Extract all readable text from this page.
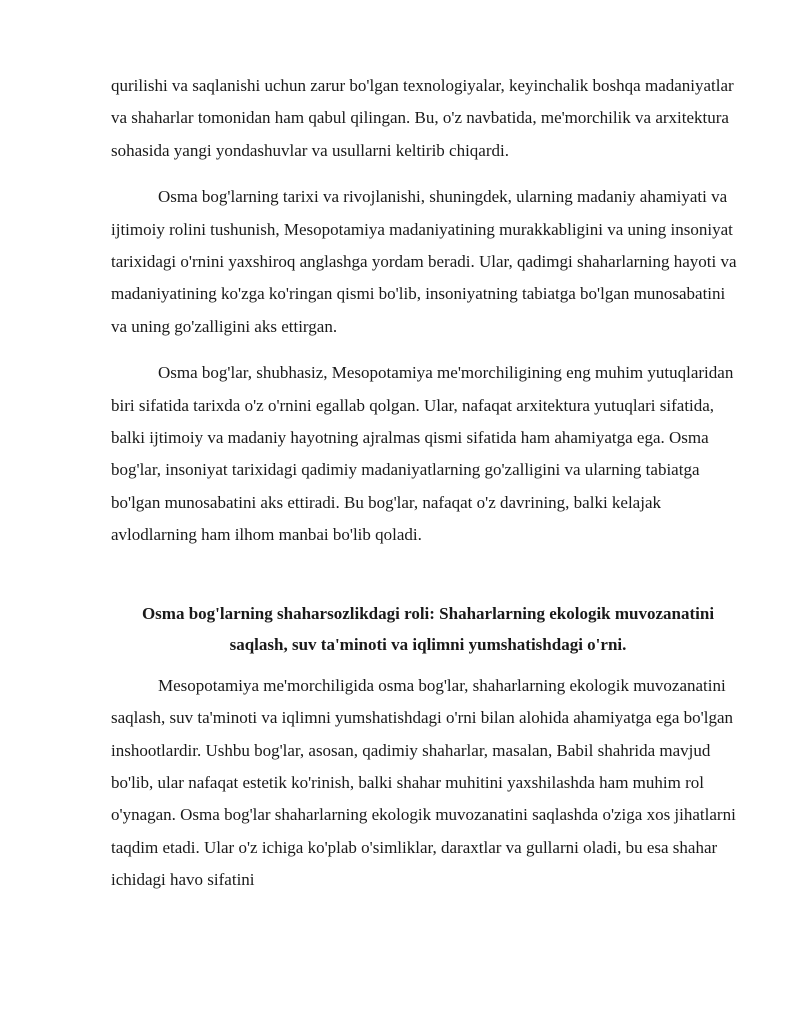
qurilishi va saqlanishi uchun zarur bo'lgan texnologiyalar, keyinchalik boshqa madaniyatlar va shaharlar tomonidan ham qabul qilingan. Bu, o'z navbatida, me'morchilik va arxitektura sohasida yangi yondashuvlar va usullarni keltirib chiqardi.

Osma bog'larning tarixi va rivojlanishi, shuningdek, ularning madaniy ahamiyati va ijtimoiy rolini tushunish, Mesopotamiya madaniyatining murakkabligini va uning insoniyat tarixidagi o'rnini yaxshiroq anglashga yordam beradi. Ular, qadimgi shaharlarning hayoti va madaniyatining ko'zga ko'ringan qismi bo'lib, insoniyatning tabiatga bo'lgan munosabatini va uning go'zalligini aks ettirgan.

Osma bog'lar, shubhasiz, Mesopotamiya me'morchiligining eng muhim yutuqlaridan biri sifatida tarixda o'z o'rnini egallab qolgan. Ular, nafaqat arxitektura yutuqlari sifatida, balki ijtimoiy va madaniy hayotning ajralmas qismi sifatida ham ahamiyatga ega. Osma bog'lar, insoniyat tarixidagi qadimiy madaniyatlarning go'zalligini va ularning tabiatga bo'lgan munosabatini aks ettiradi. Bu bog'lar, nafaqat o'z davrining, balki kelajak avlodlarning ham ilhom manbai bo'lib qoladi.

Osma bog'larning shaharsozlikdagi roli: Shaharlarning ekologik muvozanatini saqlash, suv ta'minoti va iqlimni yumshatishdagi o'rni.

Mesopotamiya me'morchiligida osma bog'lar, shaharlarning ekologik muvozanatini saqlash, suv ta'minoti va iqlimni yumshatishdagi o'rni bilan alohida ahamiyatga ega bo'lgan inshootlardir. Ushbu bog'lar, asosan, qadimiy shaharlar, masalan, Babil shahrida mavjud bo'lib, ular nafaqat estetik ko'rinish, balki shahar muhitini yaxshilashda ham muhim rol o'ynagan. Osma bog'lar shaharlarning ekologik muvozanatini saqlashda o'ziga xos jihatlarni taqdim etadi. Ular o'z ichiga ko'plab o'simliklar, daraxtlar va gullarni oladi, bu esa shahar ichidagi havo sifatini
